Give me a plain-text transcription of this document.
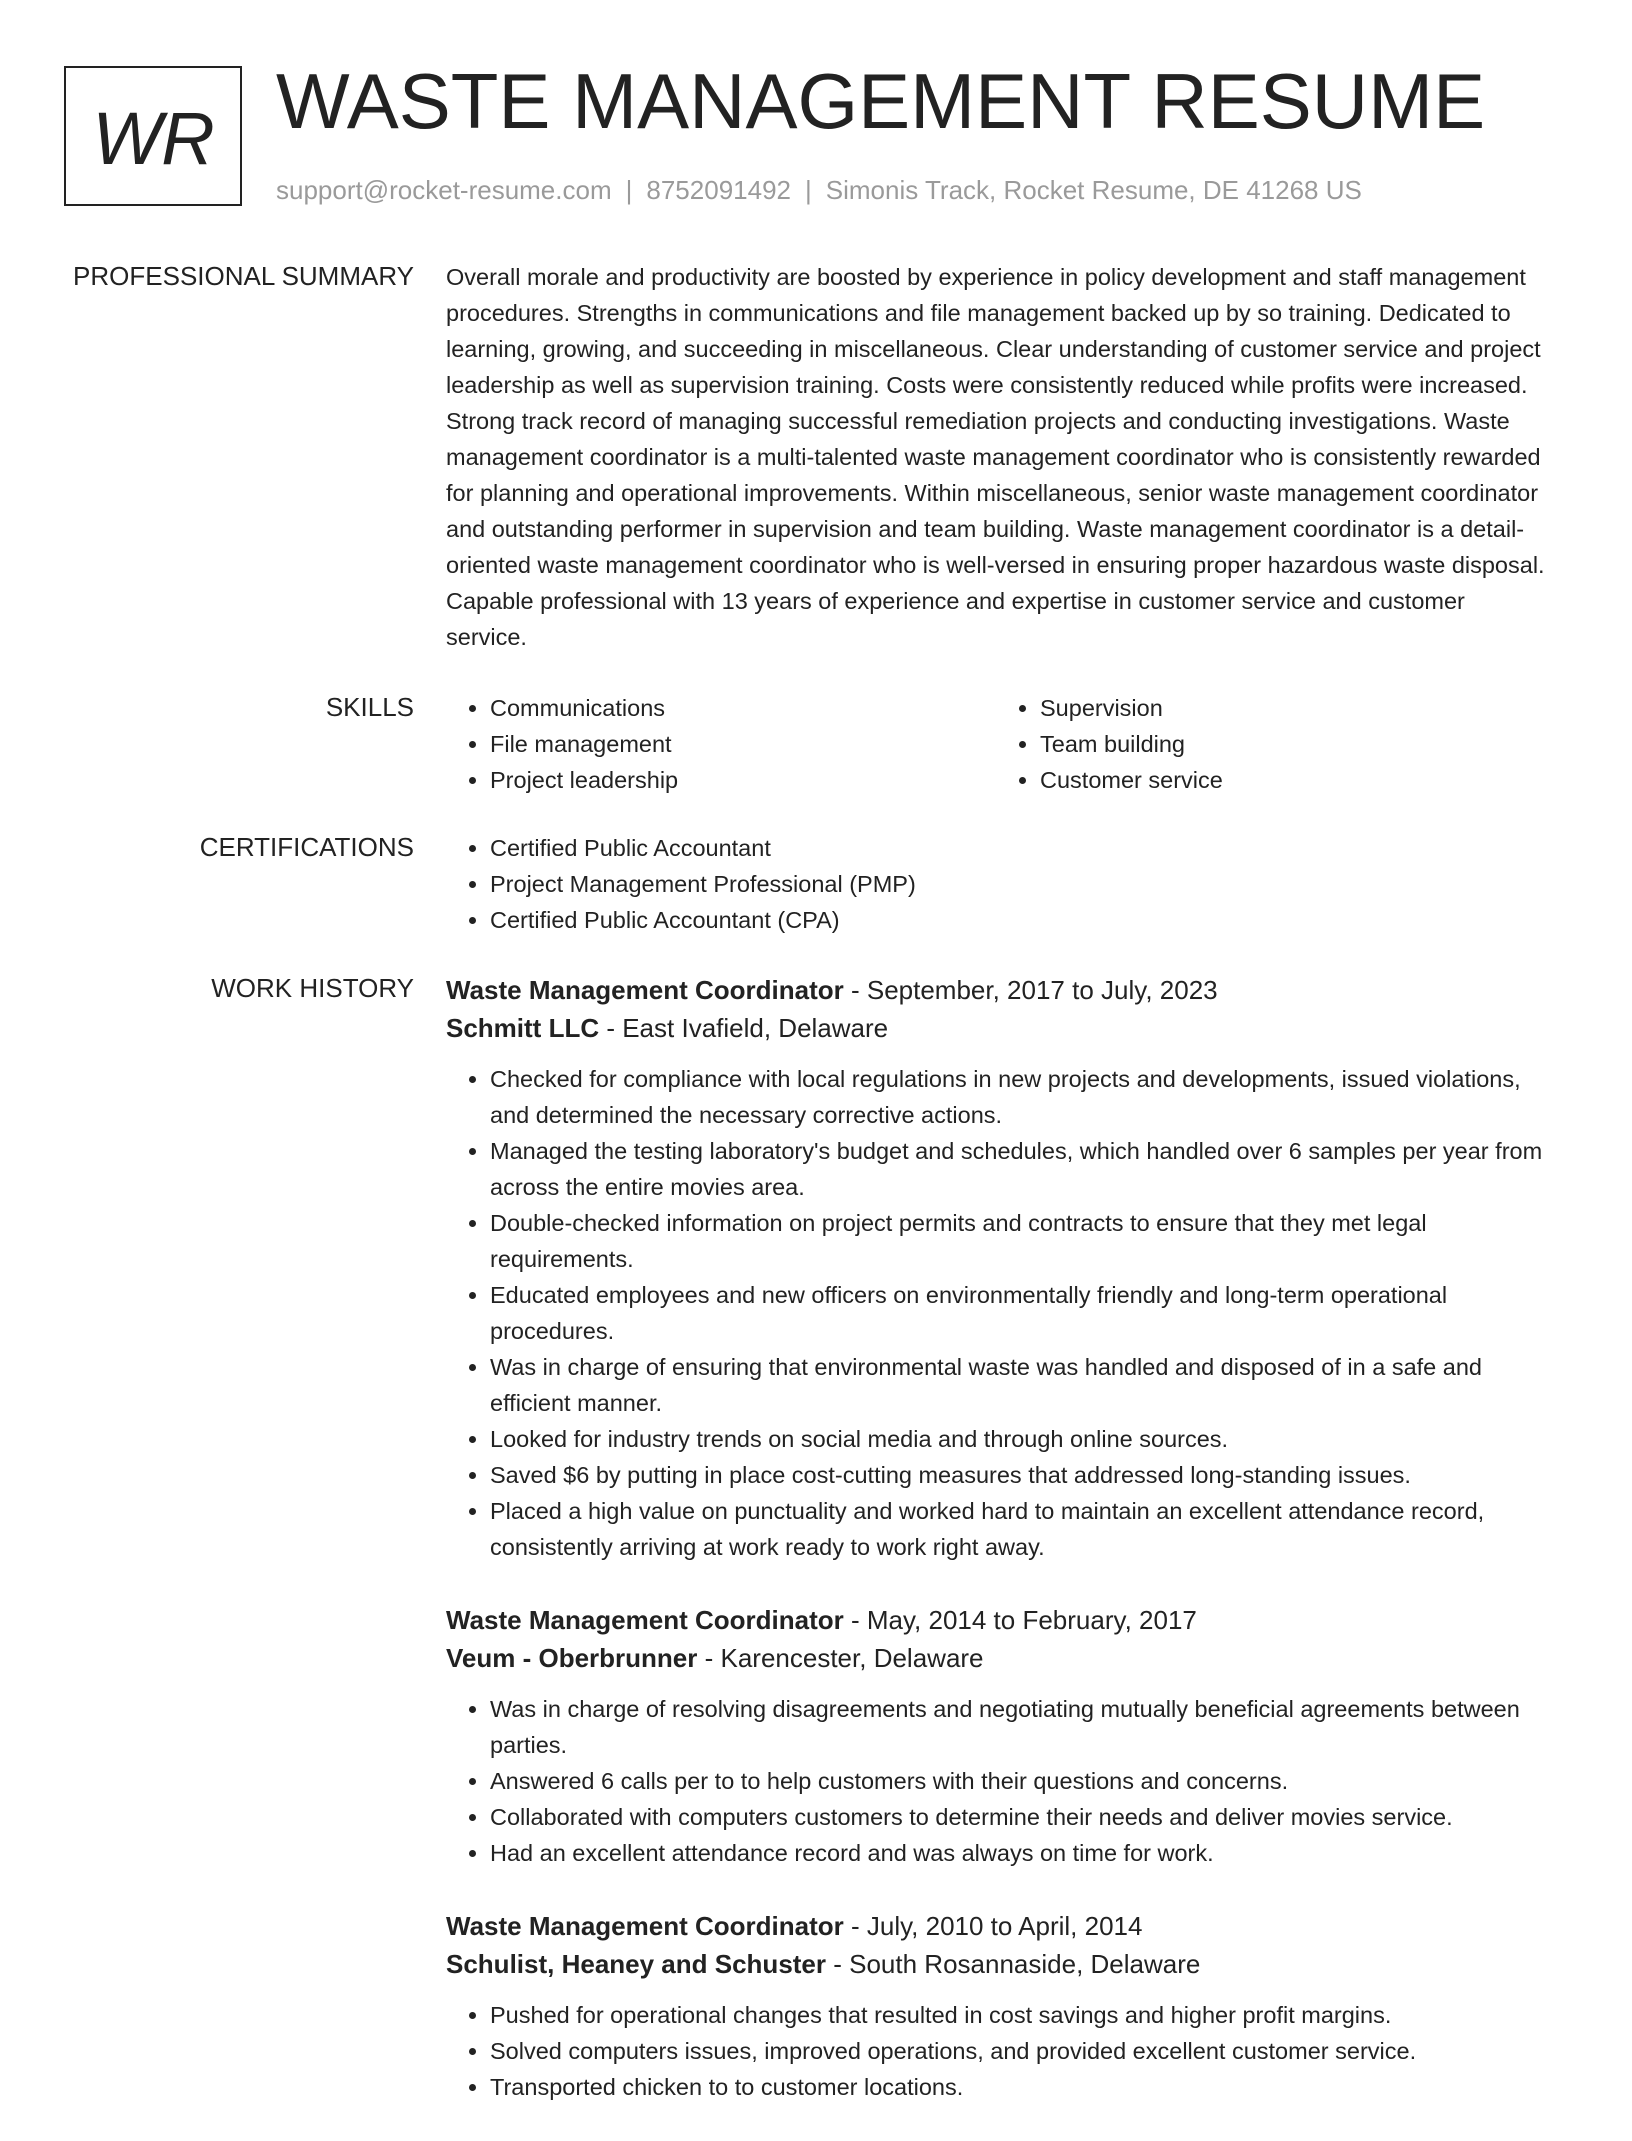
WR WASTE MANAGEMENT RESUME
support@rocket-resume.com | 8752091492 | Simonis Track, Rocket Resume, DE 41268 US
PROFESSIONAL SUMMARY Overall morale and productivity are boosted by experience in policy development and staff management procedures. Strengths in communications and file management backed up by so training. Dedicated to learning, growing, and succeeding in miscellaneous. Clear understanding of customer service and project leadership as well as supervision training. Costs were consistently reduced while profits were increased. Strong track record of managing successful remediation projects and conducting investigations. Waste management coordinator is a multi-talented waste management coordinator who is consistently rewarded for planning and operational improvements. Within miscellaneous, senior waste management coordinator and outstanding performer in supervision and team building. Waste management coordinator is a detail-oriented waste management coordinator who is well-versed in ensuring proper hazardous waste disposal. Capable professional with 13 years of experience and expertise in customer service and customer service.

SKILLS	• Communications
• File management
• Project leadership
• Supervision
• Team building
• Customer service
CERTIFICATIONS	• Certified Public Accountant
• Project Management Professional (PMP)
• Certified Public Accountant (CPA)
WORK HISTORY Waste Management Coordinator - September, 2017 to July, 2023
Schmitt LLC - East Ivafield, Delaware
• Checked for compliance with local regulations in new projects and developments, issued violations, and determined the necessary corrective actions.
• Managed the testing laboratory's budget and schedules, which handled over 6 samples per year from across the entire movies area.
• Double-checked information on project permits and contracts to ensure that they met legal requirements.
• Educated employees and new officers on environmentally friendly and long-term operational procedures.
• Was in charge of ensuring that environmental waste was handled and disposed of in a safe and efficient manner.
• Looked for industry trends on social media and through online sources.
• Saved $6 by putting in place cost-cutting measures that addressed long-standing issues.
• Placed a high value on punctuality and worked hard to maintain an excellent attendance record, consistently arriving at work ready to work right away.
Waste Management Coordinator - May, 2014 to February, 2017
Veum - Oberbrunner - Karencester, Delaware
• Was in charge of resolving disagreements and negotiating mutually beneficial agreements between parties.
• Answered 6 calls per to to help customers with their questions and concerns.
• Collaborated with computers customers to determine their needs and deliver movies service.
• Had an excellent attendance record and was always on time for work.
Waste Management Coordinator - July, 2010 to April, 2014
Schulist, Heaney and Schuster - South Rosannaside, Delaware
• Pushed for operational changes that resulted in cost savings and higher profit margins.
• Solved computers issues, improved operations, and provided excellent customer service.
• Transported chicken to to customer locations.
